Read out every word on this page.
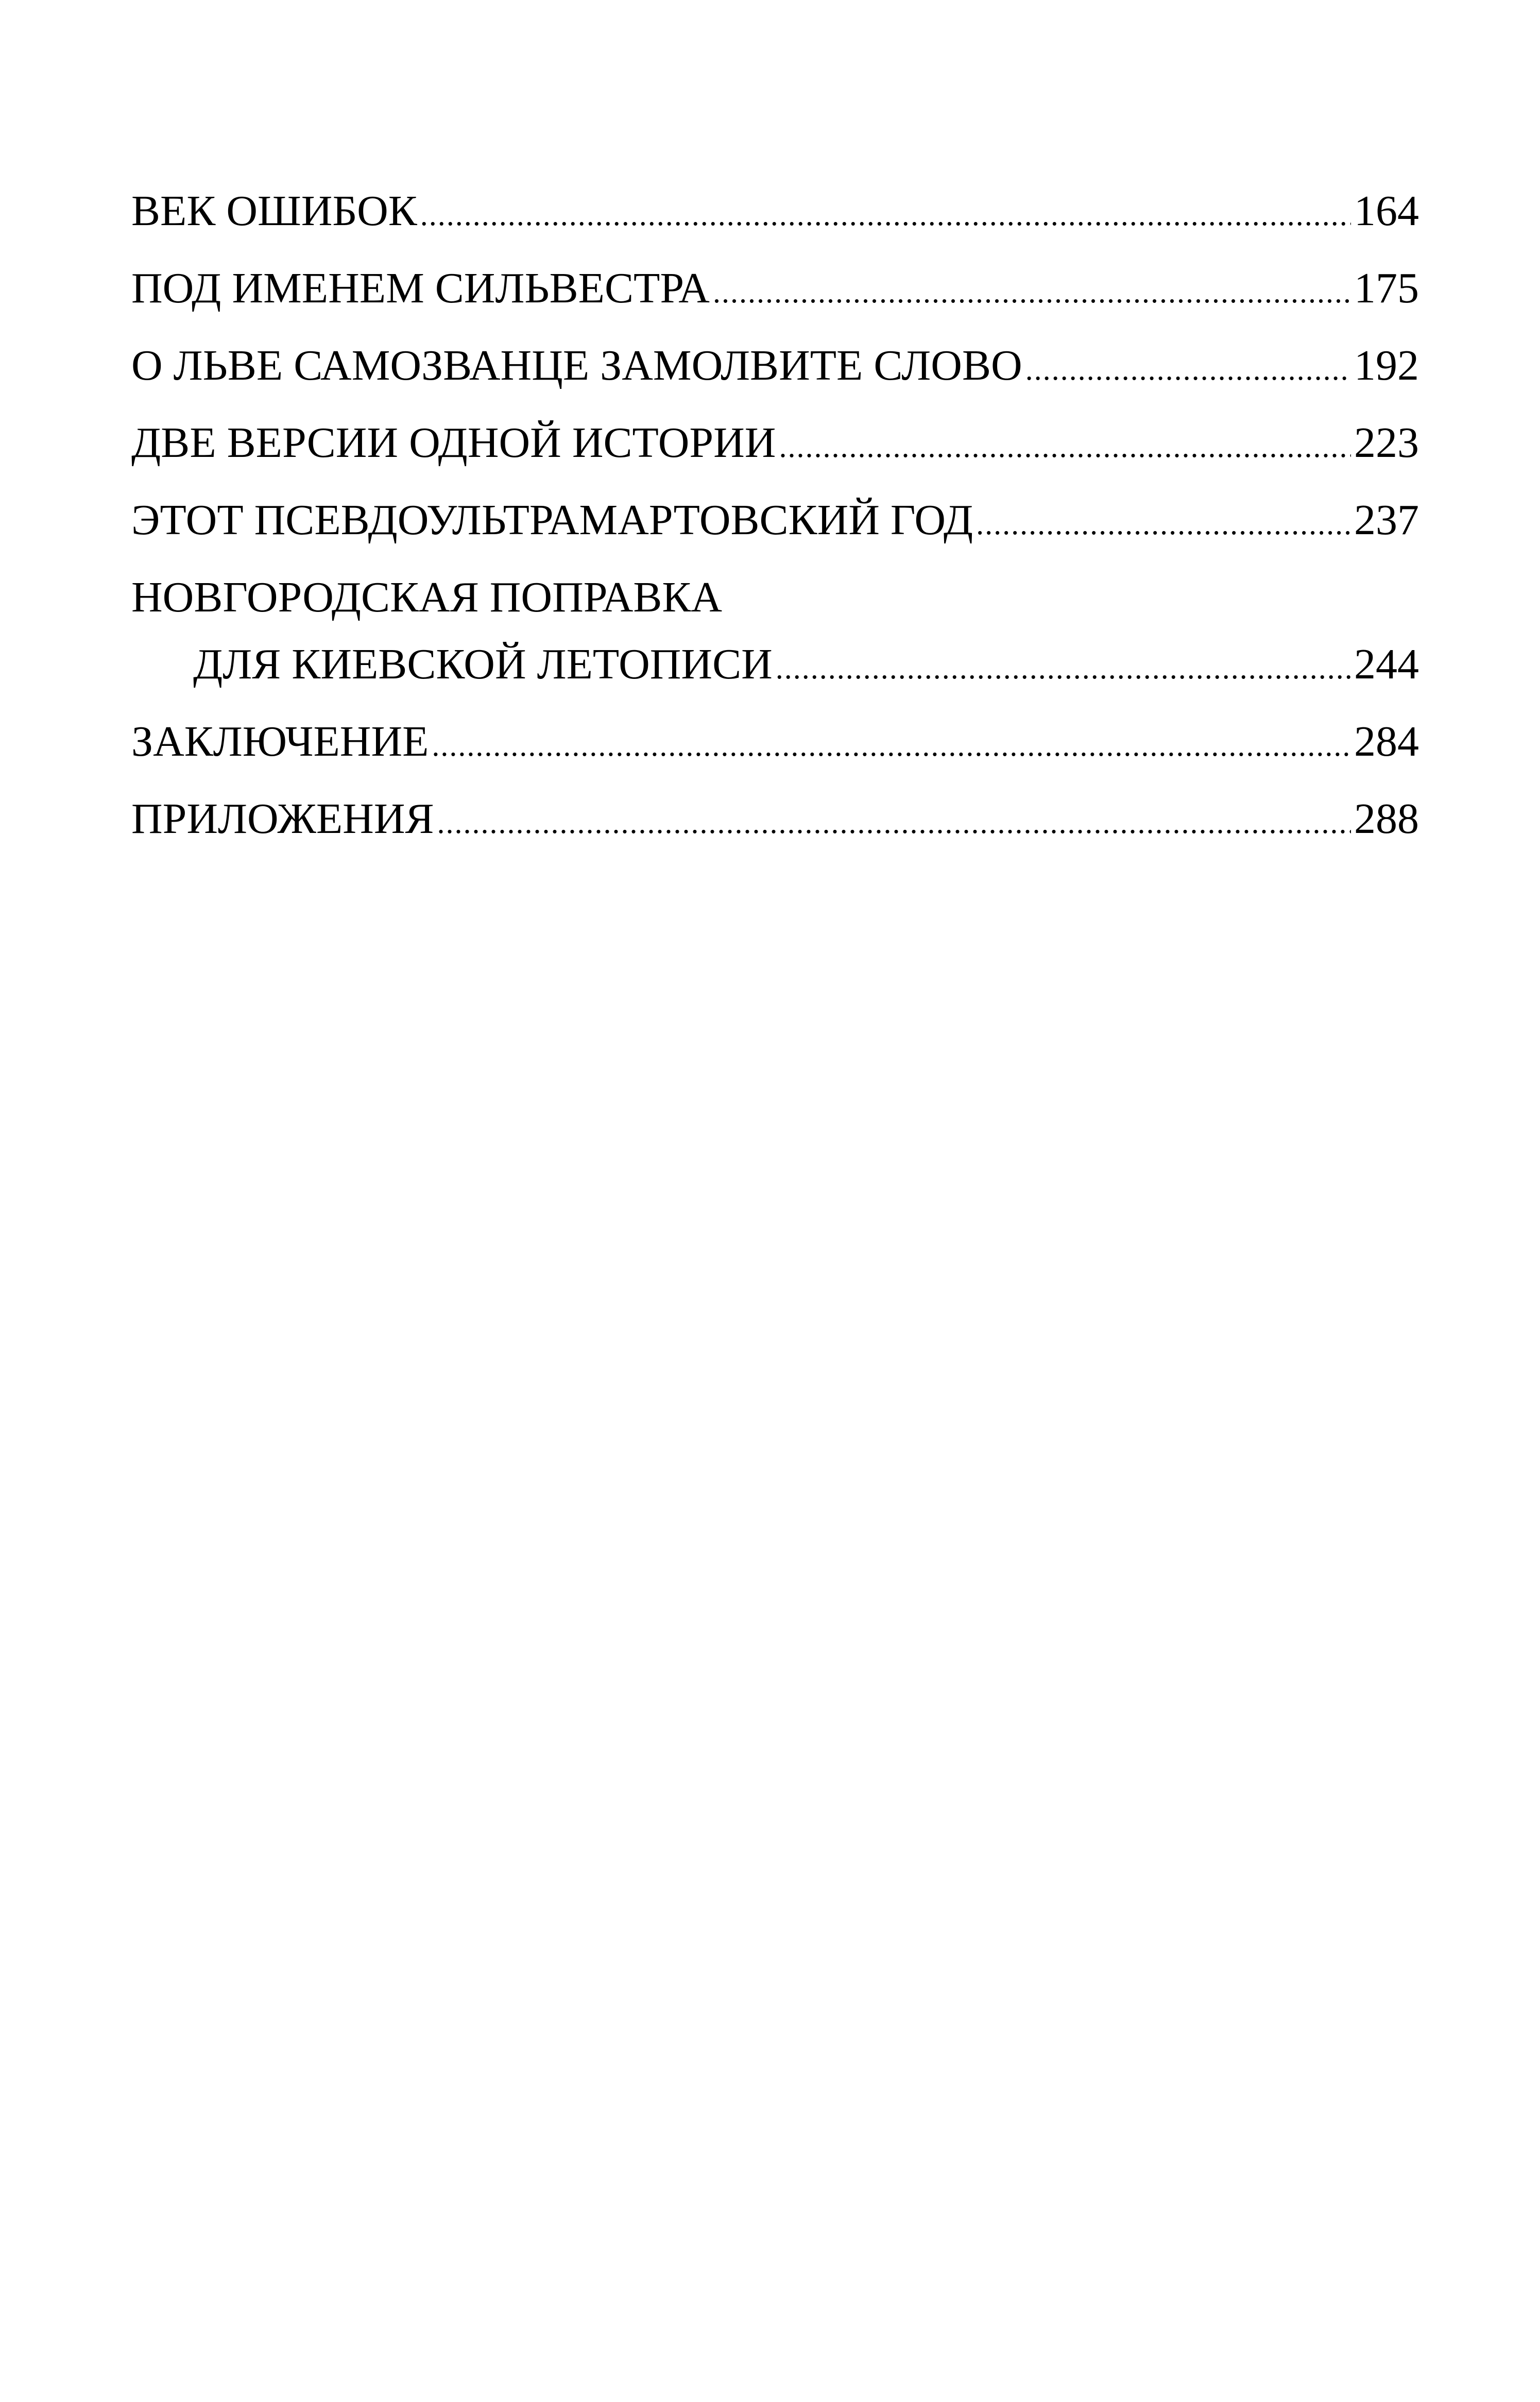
ВЕК ОШИБОК .....	164
ПОД ИМЕНЕМ СИЛЬВЕСТРА .....	175
О ЛЬВЕ САМОЗВАНЦЕ ЗАМОЛВИТЕ СЛОВО .....	192
ДВЕ ВЕРСИИ ОДНОЙ ИСТОРИИ .....	223
ЭТОТ ПСЕВДОУЛЬТРАМАРТОВСКИЙ ГОД .....	237
НОВГОРОДСКАЯ ПОПРАВКА
ДЛЯ КИЕВСКОЙ ЛЕТОПИСИ .....	244
ЗАКЛЮЧЕНИЕ .....	284
ПРИЛОЖЕНИЯ .....	288
